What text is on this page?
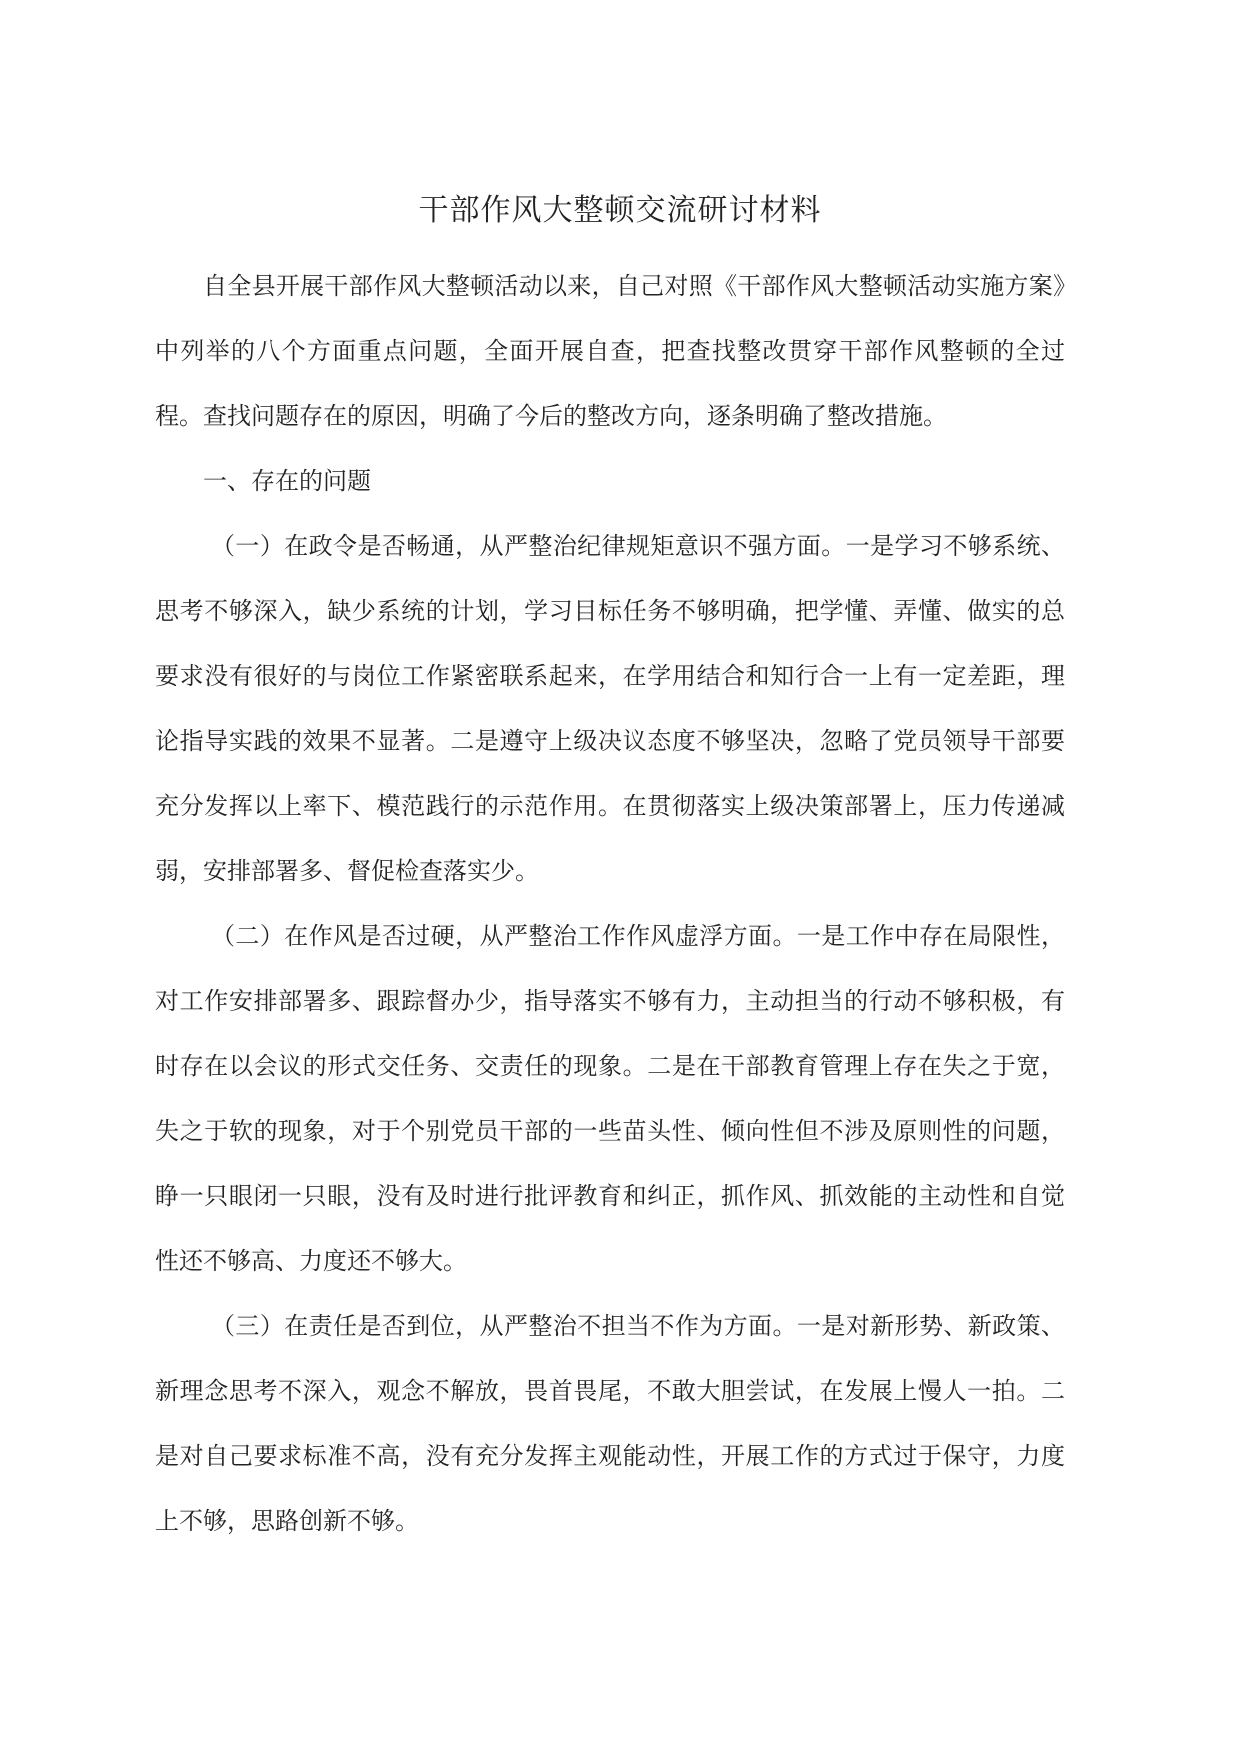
干部作风大整顿交流研讨材料

自全县开展干部作风大整顿活动以来，自己对照《干部作风大整顿活动实施方案》中列举的八个方面重点问题，全面开展自查，把查找整改贯穿干部作风整顿的全过程。查找问题存在的原因，明确了今后的整改方向，逐条明确了整改措施。

一、存在的问题

（一）在政令是否畅通，从严整治纪律规矩意识不强方面。一是学习不够系统、思考不够深入，缺少系统的计划，学习目标任务不够明确，把学懂、弄懂、做实的总要求没有很好的与岗位工作紧密联系起来，在学用结合和知行合一上有一定差距，理论指导实践的效果不显著。二是遵守上级决议态度不够坚决，忽略了党员领导干部要充分发挥以上率下、模范践行的示范作用。在贯彻落实上级决策部署上，压力传递减弱，安排部署多、督促检查落实少。

（二）在作风是否过硬，从严整治工作作风虚浮方面。一是工作中存在局限性，对工作安排部署多、跟踪督办少，指导落实不够有力，主动担当的行动不够积极，有时存在以会议的形式交任务、交责任的现象。二是在干部教育管理上存在失之于宽，失之于软的现象，对于个别党员干部的一些苗头性、倾向性但不涉及原则性的问题，睁一只眼闭一只眼，没有及时进行批评教育和纠正，抓作风、抓效能的主动性和自觉性还不够高、力度还不够大。

（三）在责任是否到位，从严整治不担当不作为方面。一是对新形势、新政策、新理念思考不深入，观念不解放，畏首畏尾，不敢大胆尝试，在发展上慢人一拍。二是对自己要求标准不高，没有充分发挥主观能动性，开展工作的方式过于保守，力度上不够，思路创新不够。
